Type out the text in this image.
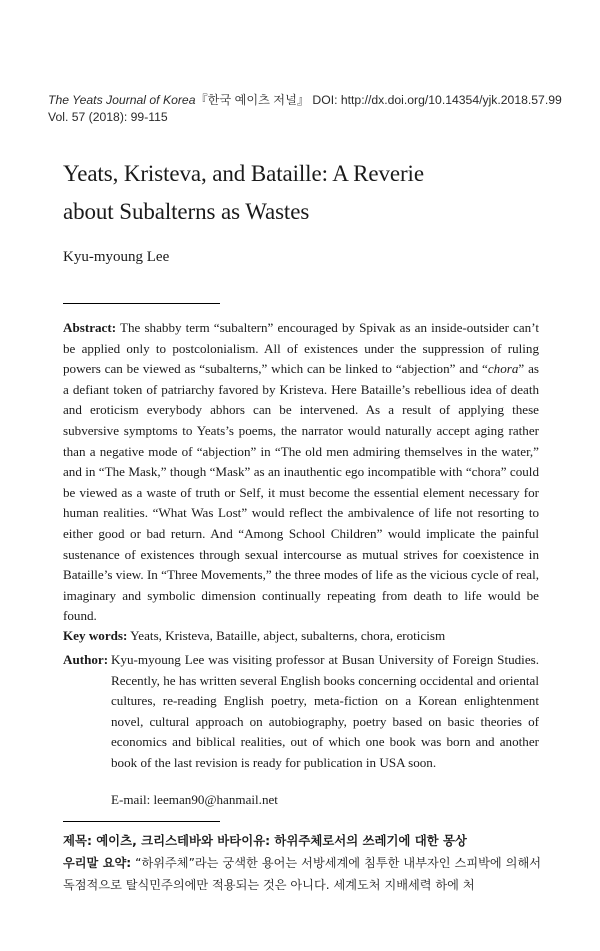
The Yeats Journal of Korea『한국 예이츠 저널』 DOI: http://dx.doi.org/10.14354/yjk.2018.57.99
Vol. 57 (2018): 99-115
Yeats, Kristeva, and Bataille: A Reverie
about Subalterns as Wastes
Kyu-myoung Lee

Abstract: The shabby term “subaltern” encouraged by Spivak as an inside-outsider can’t be applied only to postcolonialism. All of existences under the suppression of ruling powers can be viewed as “subalterns,” which can be linked to “abjection” and “chora” as a defiant token of patriarchy favored by Kristeva. Here Bataille’s rebellious idea of death and eroticism everybody abhors can be intervened. As a result of applying these subversive symptoms to Yeats’s poems, the narrator would naturally accept aging rather than a negative mode of “abjection” in “The old men admiring themselves in the water,” and in “The Mask,” though “Mask” as an inauthentic ego incompatible with “chora” could be viewed as a waste of truth or Self, it must become the essential element necessary for human realities. “What Was Lost” would reflect the ambivalence of life not resorting to either good or bad return. And “Among School Children” would implicate the painful sustenance of existences through sexual intercourse as mutual strives for coexistence in Bataille’s view. In “Three Movements,” the three modes of life as the vicious cycle of real, imaginary and symbolic dimension continually repeating from death to life would be found.

Key words: Yeats, Kristeva, Bataille, abject, subalterns, chora, eroticism

Author: Kyu-myoung Lee was visiting professor at Busan University of Foreign Studies. Recently, he has written several English books concerning occidental and oriental cultures, re-reading English poetry, meta-fiction on a Korean enlightenment novel, cultural approach on autobiography, poetry based on basic theories of economics and biblical realities, out of which one book was born and another book of the last revision is ready for publication in USA soon.

E-mail: leeman90@hanmail.net
제목: 예이츠, 크리스테바와 바타이유: 하위주체로서의 쓰레기에 대한 몽상

우리말 요약: “하위주체”라는 궁색한 용어는 서방세계에 침투한 내부자인 스피박에 의해서 독점적으로 탈식민주의에만 적용되는 것은 아니다. 세계도처 지배세력 하에 처
